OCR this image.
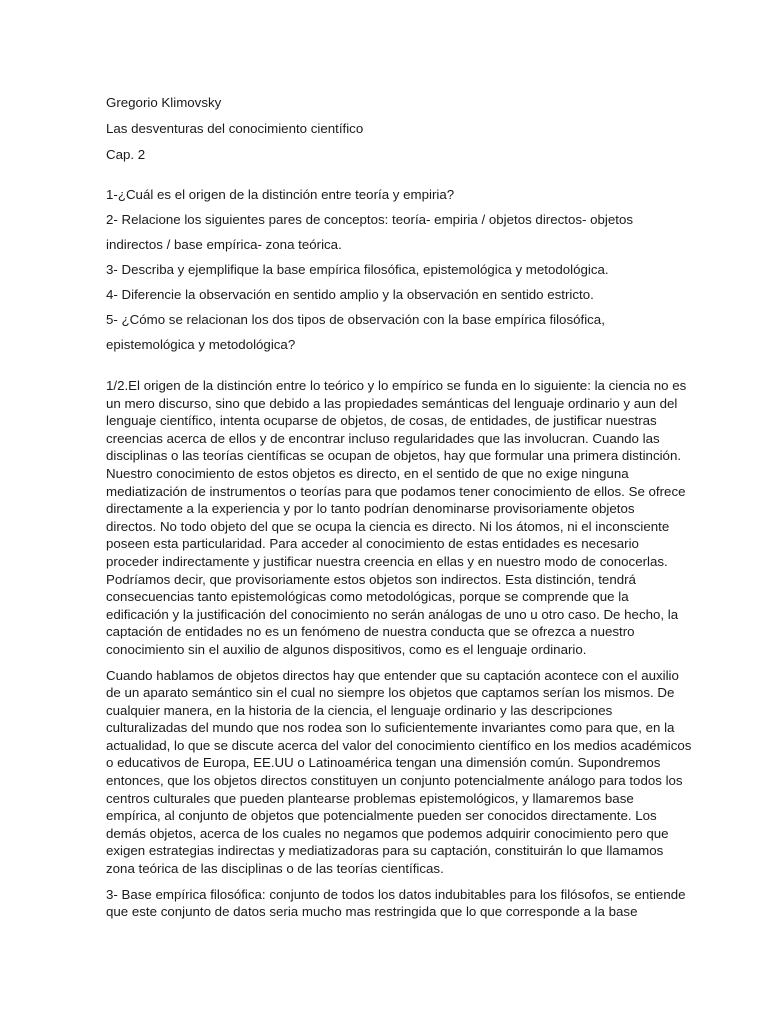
Gregorio Klimovsky

Las desventuras del conocimiento científico

Cap. 2

1-¿Cuál es el origen de la distinción entre teoría y empiria?

2- Relacione los siguientes pares de conceptos: teoría- empiria / objetos directos- objetos

indirectos / base empírica- zona teórica.

3- Describa y ejemplifique la base empírica filosófica, epistemológica y metodológica.

4- Diferencie la observación en sentido amplio y la observación en sentido estricto.

5- ¿Cómo se relacionan los dos tipos de observación con la base empírica filosófica,

epistemológica y metodológica?

1/2.El origen de la distinción entre lo teórico y lo empírico se funda en lo siguiente: la ciencia no es
un mero discurso, sino que debido a las propiedades semánticas del lenguaje ordinario y aun del
lenguaje científico, intenta ocuparse de objetos, de cosas, de entidades, de justificar nuestras
creencias acerca de ellos y de encontrar incluso regularidades que las involucran. Cuando las
disciplinas o las teorías científicas se ocupan de objetos, hay que formular una primera distinción.
Nuestro conocimiento de estos objetos es directo, en el sentido de que no exige ninguna
mediatización de instrumentos o teorías para que podamos tener conocimiento de ellos. Se ofrece
directamente a la experiencia y por lo tanto podrían denominarse provisoriamente objetos
directos. No todo objeto del que se ocupa la ciencia es directo. Ni los átomos, ni el inconsciente
poseen esta particularidad. Para acceder al conocimiento de estas entidades es necesario
proceder indirectamente y justificar nuestra creencia en ellas y en nuestro modo de conocerlas.
Podríamos decir, que provisoriamente estos objetos son indirectos. Esta distinción, tendrá
consecuencias tanto epistemológicas como metodológicas, porque se comprende que la
edificación y la justificación del conocimiento no serán análogas de uno u otro caso. De hecho, la
captación de entidades no es un fenómeno de nuestra conducta que se ofrezca a nuestro
conocimiento sin el auxilio de algunos dispositivos, como es el lenguaje ordinario.
Cuando hablamos de objetos directos hay que entender que su captación acontece con el auxilio
de un aparato semántico sin el cual no siempre los objetos que captamos serían los mismos. De
cualquier manera, en la historia de la ciencia, el lenguaje ordinario y las descripciones
culturalizadas del mundo que nos rodea son lo suficientemente invariantes como para que, en la
actualidad, lo que se discute acerca del valor del conocimiento científico en los medios académicos
o educativos de Europa, EE.UU o Latinoamérica tengan una dimensión común. Supondremos
entonces, que los objetos directos constituyen un conjunto potencialmente análogo para todos los
centros culturales que pueden plantearse problemas epistemológicos, y llamaremos base
empírica, al conjunto de objetos que potencialmente pueden ser conocidos directamente. Los
demás objetos, acerca de los cuales no negamos que podemos adquirir conocimiento pero que
exigen estrategias indirectas y mediatizadoras para su captación, constituirán lo que llamamos
zona teórica de las disciplinas o de las teorías científicas.
3- Base empírica filosófica: conjunto de todos los datos indubitables para los filósofos, se entiende
que este conjunto de datos seria mucho mas restringida que lo que corresponde a la base
